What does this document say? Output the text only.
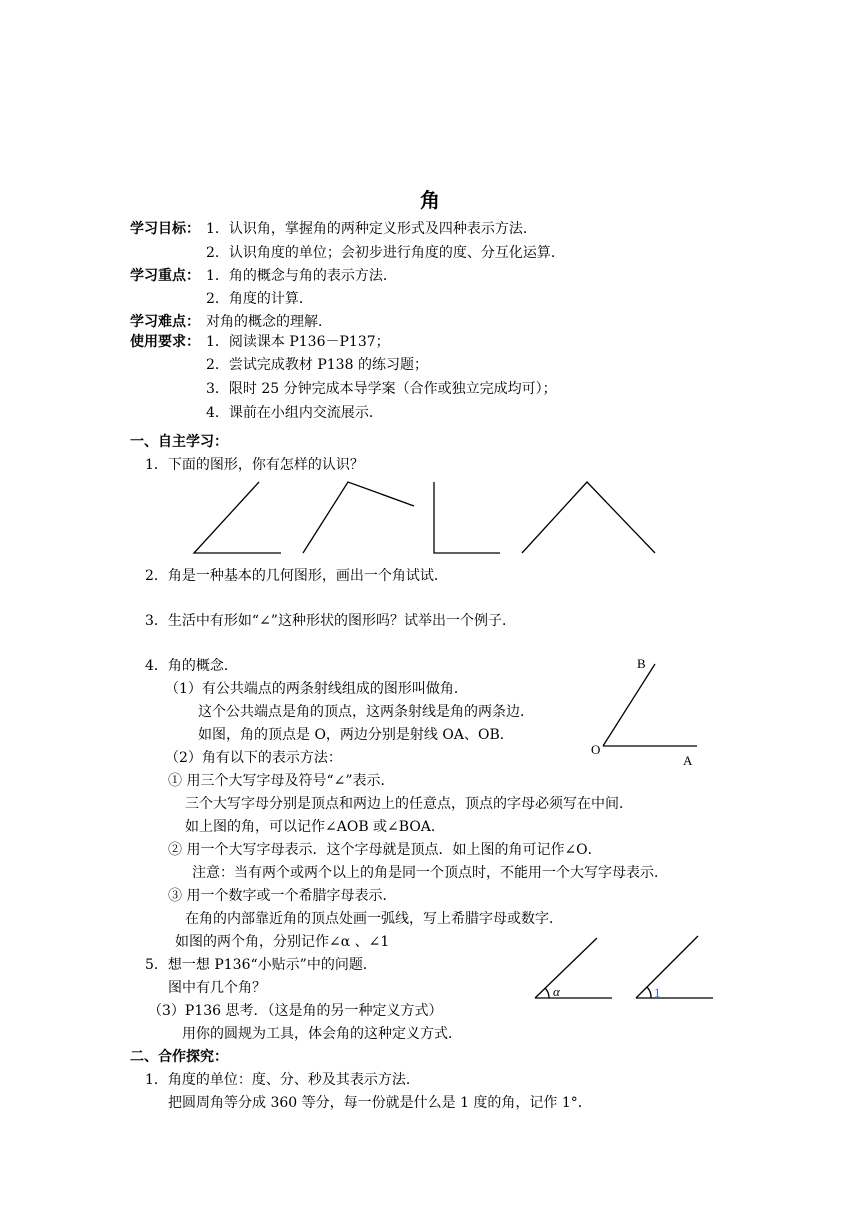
角
学习目标： 1．认识角，掌握角的两种定义形式及四种表示方法．
2．认识角度的单位；会初步进行角度的度、分互化运算．
学习重点： 1．角的概念与角的表示方法．
2．角度的计算．
学习难点： 对角的概念的理解．
使用要求： 1．阅读课本 P136－P137；
2．尝试完成教材 P138 的练习题；
3．限时 25 分钟完成本导学案（合作或独立完成均可）；
4．课前在小组内交流展示．
一、自主学习：
1．下面的图形，你有怎样的认识？
2．角是一种基本的几何图形，画出一个角试试．
3．生活中有形如“∠”这种形状的图形吗？试举出一个例子．
4．角的概念．
（1）有公共端点的两条射线组成的图形叫做角．
这个公共端点是角的顶点，这两条射线是角的两条边．
如图，角的顶点是 O，两边分别是射线 OA、OB．
（2）角有以下的表示方法：
① 用三个大写字母及符号“∠”表示．
三个大写字母分别是顶点和两边上的任意点，顶点的字母必须写在中间．
如上图的角，可以记作∠AOB 或∠BOA．
② 用一个大写字母表示．这个字母就是顶点．如上图的角可记作∠O．
注意：当有两个或两个以上的角是同一个顶点时，不能用一个大写字母表示．
③ 用一个数字或一个希腊字母表示．
在角的内部靠近角的顶点处画一弧线，写上希腊字母或数字．
如图的两个角，分别记作∠α 、∠1
5．想一想 P136“小贴示”中的问题．
图中有几个角？
（3）P136 思考．（这是角的另一种定义方式）
用你的圆规为工具，体会角的这种定义方式．
二、合作探究：
1．角度的单位：度、分、秒及其表示方法．
把圆周角等分成 360 等分，每一份就是什么是 1 度的角，记作 1°．
B
O
A
α	1
